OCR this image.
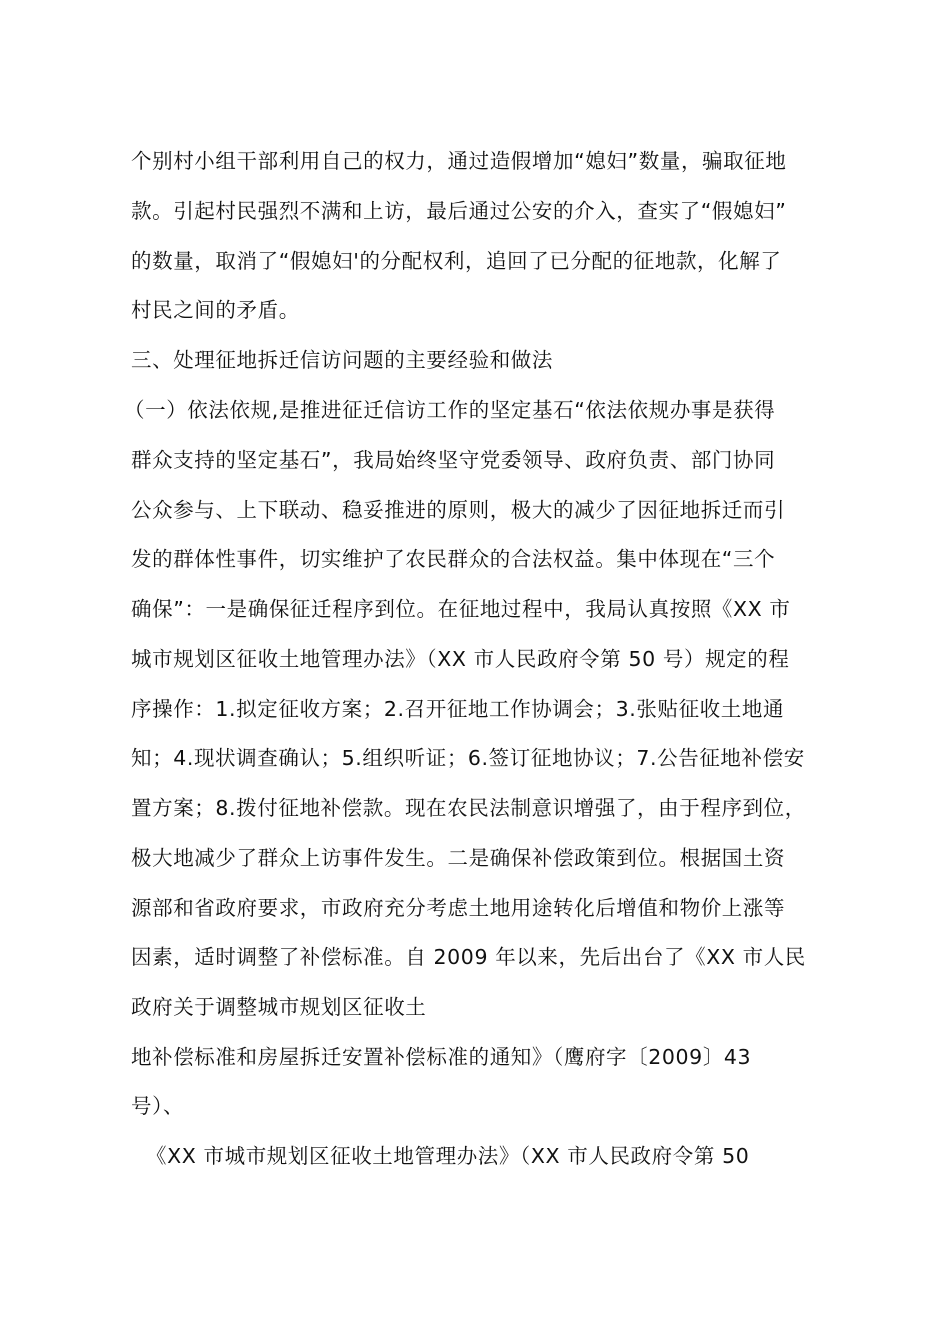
个别村小组干部利用自己的权力，通过造假增加“媳妇”数量，骗取征地
款。引起村民强烈不满和上访，最后通过公安的介入，查实了“假媳妇”
的数量，取消了“假媳妇'的分配权利，追回了已分配的征地款，化解了
村民之间的矛盾。
三、处理征地拆迁信访问题的主要经验和做法
（一）依法依规,是推进征迁信访工作的坚定基石“依法依规办事是获得
群众支持的坚定基石”，我局始终坚守党委领导、政府负责、部门协同
公众参与、上下联动、稳妥推进的原则，极大的减少了因征地拆迁而引
发的群体性事件，切实维护了农民群众的合法权益。集中体现在“三个
确保”：一是确保征迁程序到位。在征地过程中，我局认真按照《XX 市
城市规划区征收土地管理办法》（XX 市人民政府令第 50 号）规定的程
序操作：1.拟定征收方案；2.召开征地工作协调会；3.张贴征收土地通
知；4.现状调查确认；5.组织听证；6.签订征地协议；7.公告征地补偿安
置方案；8.拨付征地补偿款。现在农民法制意识增强了，由于程序到位，
极大地减少了群众上访事件发生。二是确保补偿政策到位。根据国土资
源部和省政府要求，市政府充分考虑土地用途转化后增值和物价上涨等
因素，适时调整了补偿标准。自 2009 年以来，先后出台了《XX 市人民
政府关于调整城市规划区征收土
地补偿标准和房屋拆迁安置补偿标准的通知》（鹰府字〔2009〕43
号）、
《XX 市城市规划区征收土地管理办法》（XX 市人民政府令第 50
